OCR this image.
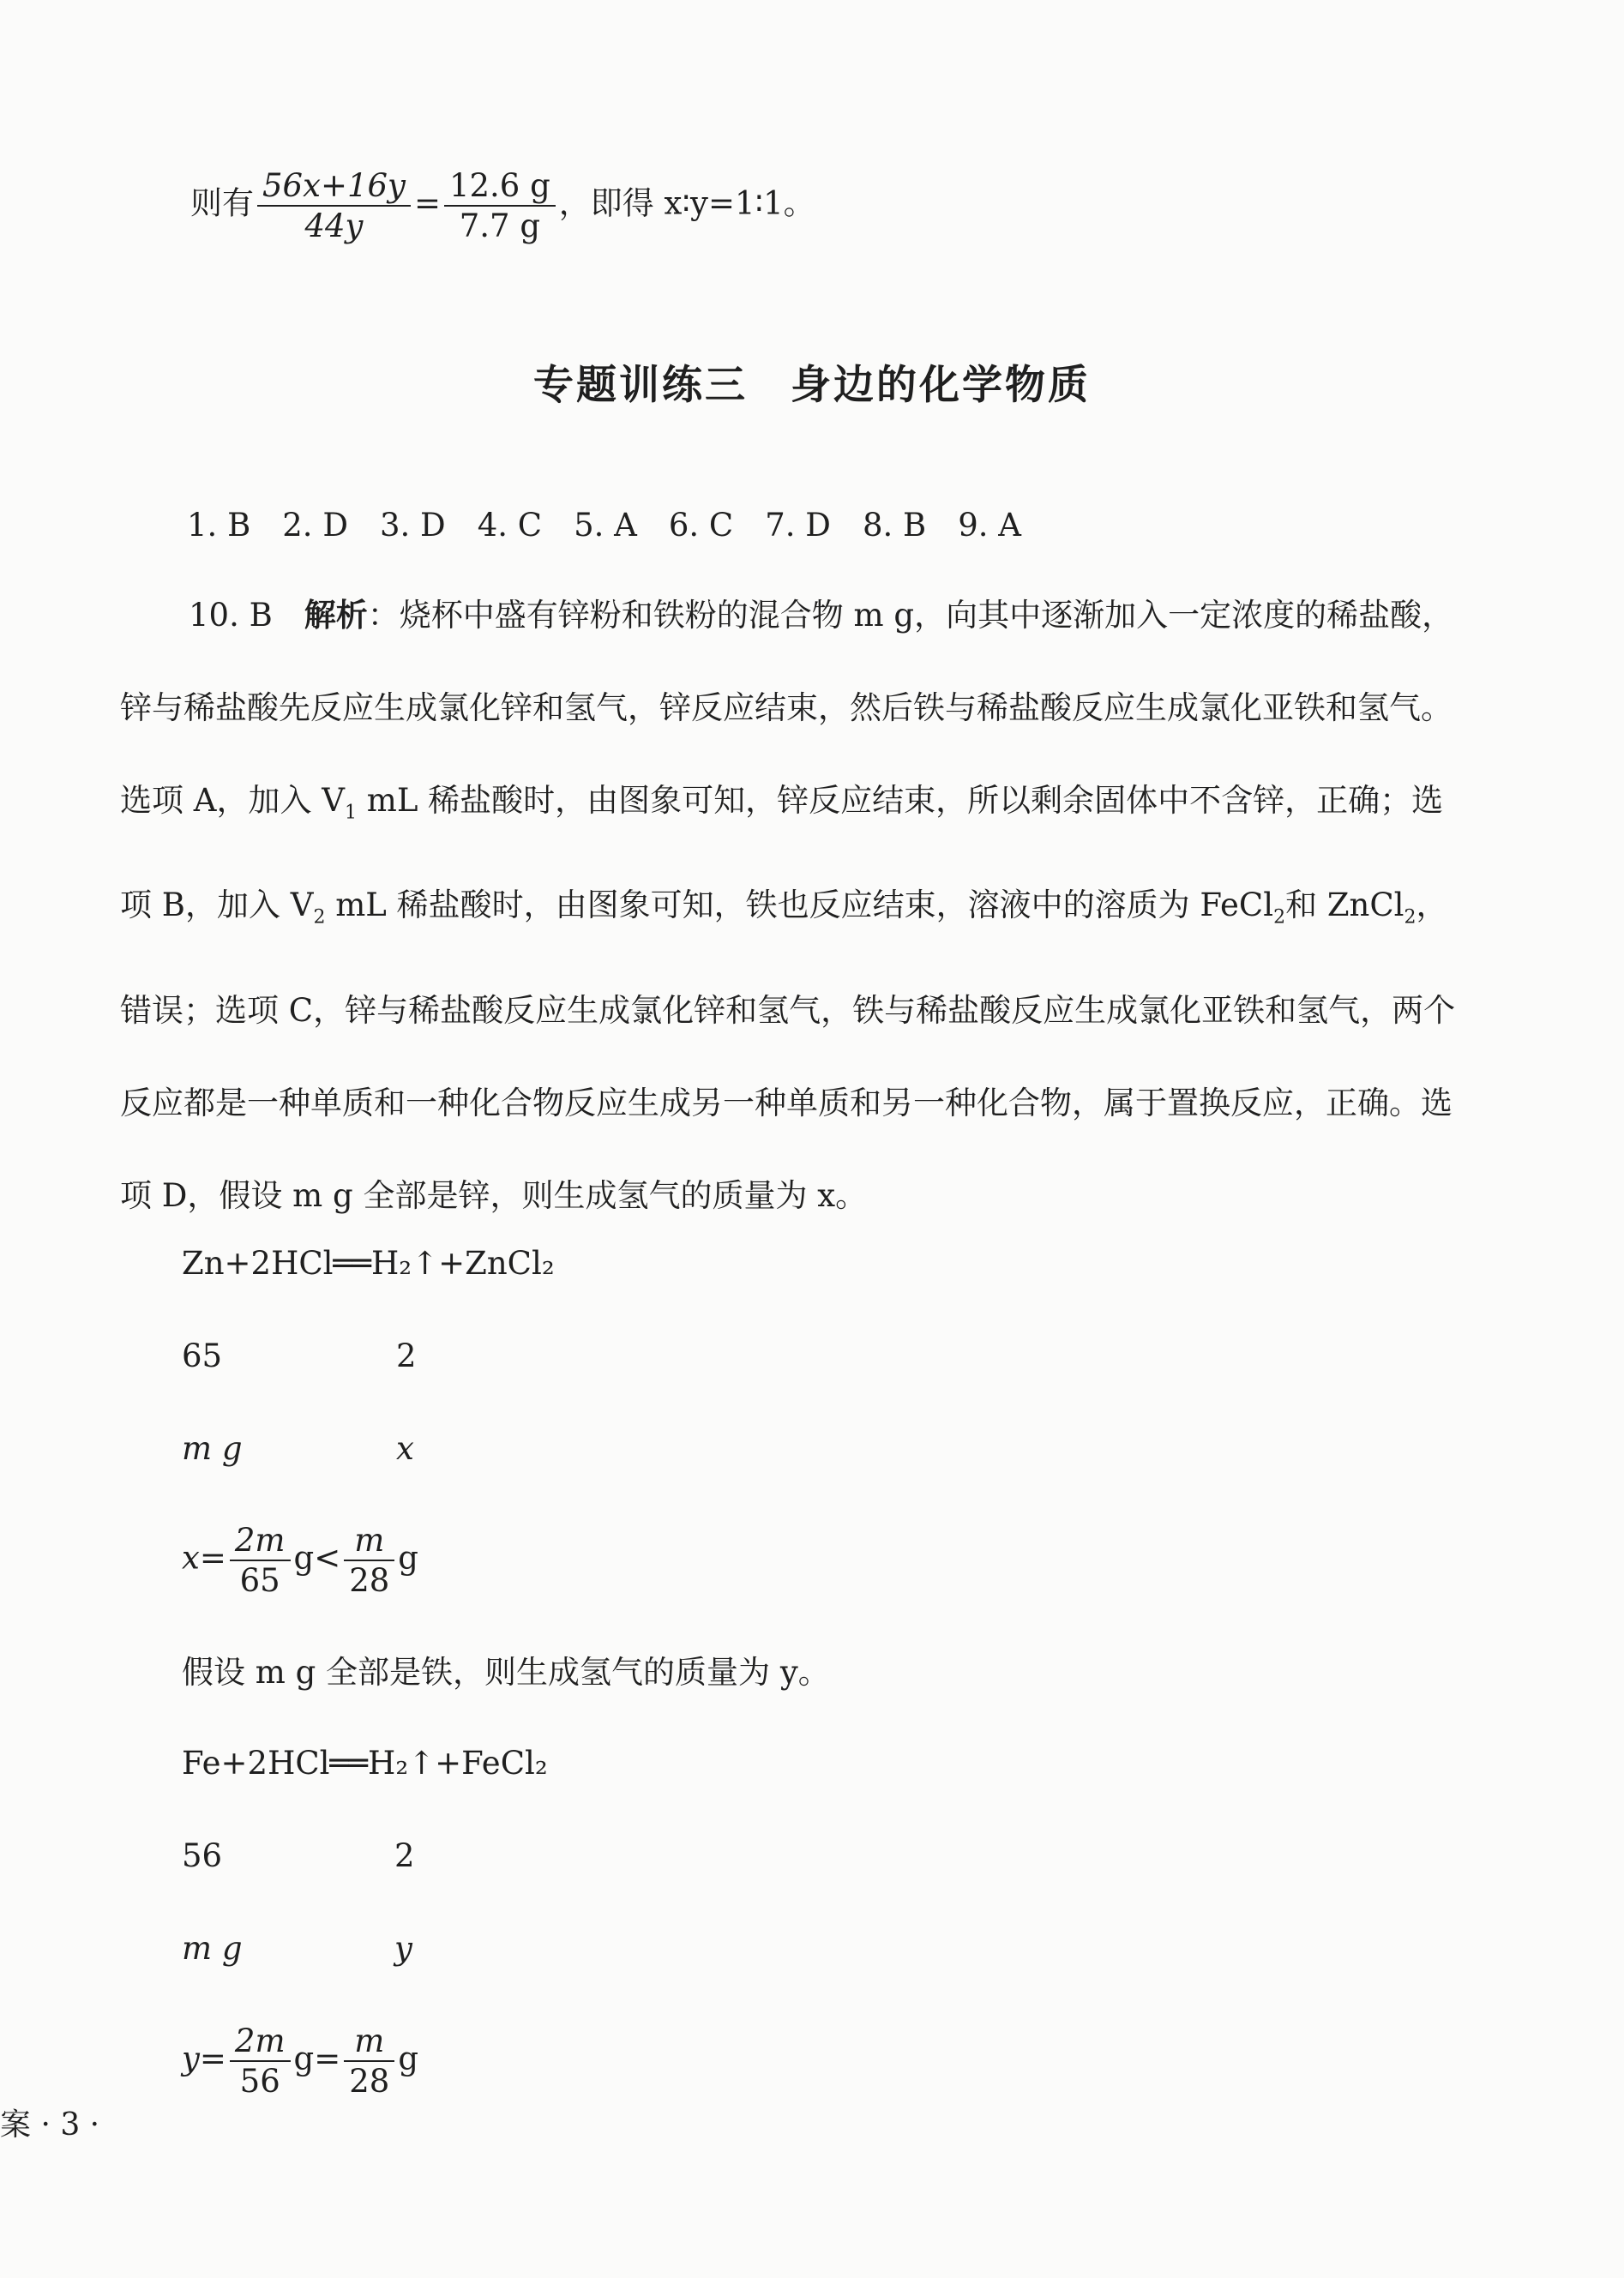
则有 $\frac{56x+16y}{44y} = \frac{12.6 g}{7.7 g}$ ，即得 x∶y=1∶1。
专题训练三　身边的化学物质
1. B　2. D　3. D　4. C　5. A　6. C　7. D　8. B　9. A
10. B　 解析：烧杯中盛有锌粉和铁粉的混合物 m g，向其中逐渐加入一定浓度的稀盐酸，锌与稀盐酸先反应生成氯化锌和氢气，锌反应结束，然后铁与稀盐酸反应生成氯化亚铁和氢气。选项 A，加入 $V_1$ mL 稀盐酸时，由图象可知，锌反应结束，所以剩余固体中不含锌，正确；选项 B，加入 $V_2$ mL 稀盐酸时，由图象可知，铁也反应结束，溶液中的溶质为 FeCl$_2$和 ZnCl$_2$，错误；选项 C，锌与稀盐酸反应生成氯化锌和氢气，铁与稀盐酸反应生成氯化亚铁和氢气，两个反应都是一种单质和一种化合物反应生成另一种单质和另一种化合物，属于置换反应，正确。选项 D，假设 m g 全部是锌，则生成氢气的质量为 x。
Zn+2HCl══H₂↑+ZnCl₂
65	2
m g	x
$x= \frac{2m}{65} g< \frac{m}{28}$ g
假设 m g 全部是铁，则生成氢气的质量为 y。
Fe+2HCl══H₂↑+FeCl₂
56	2
m g	y
$y= \frac{2m}{56} g= \frac{m}{28}$ g
案 · 3 ·
